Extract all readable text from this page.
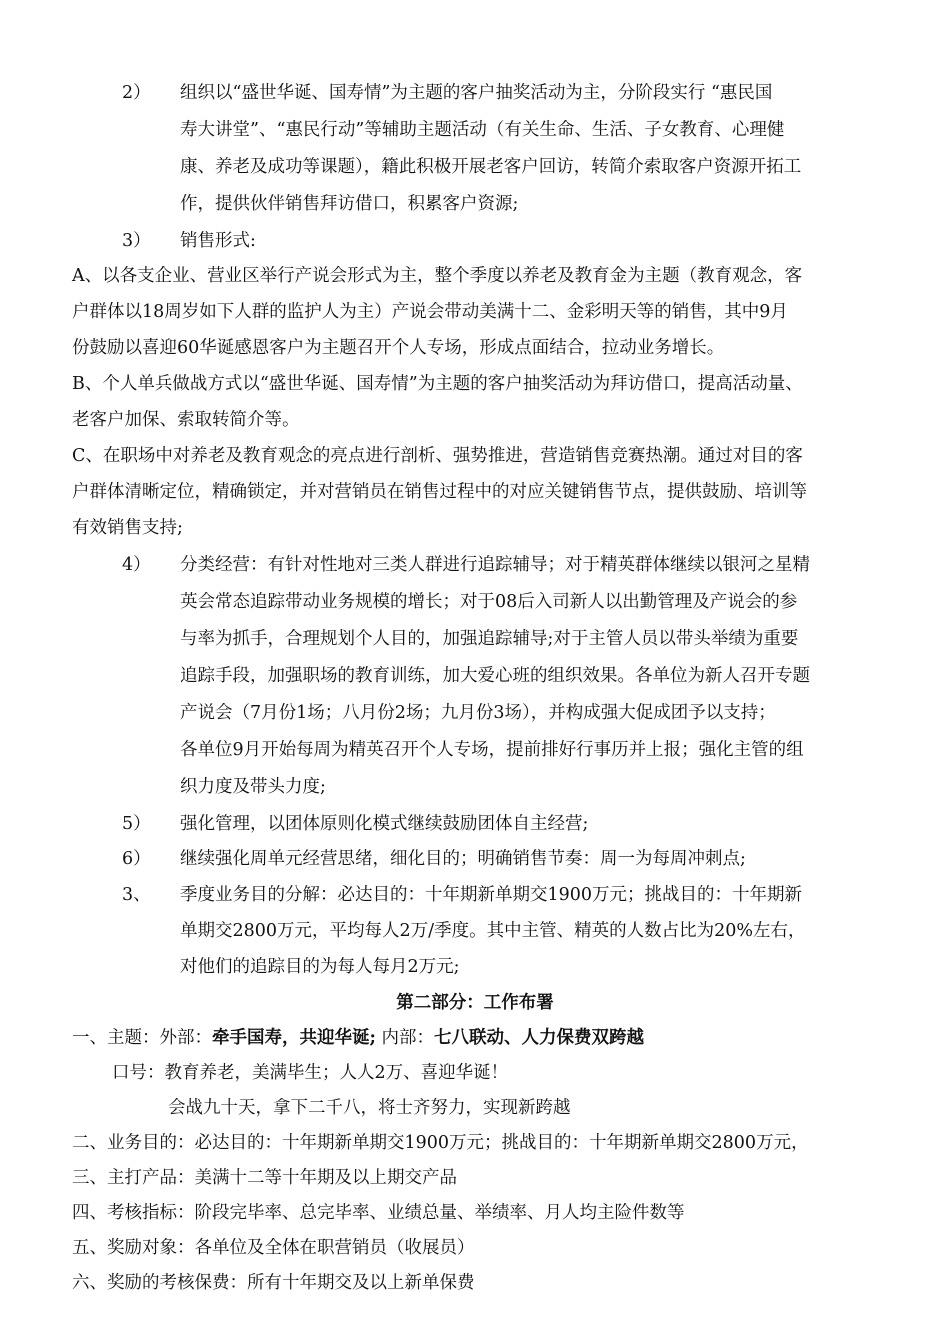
2） 组织以“盛世华诞、国寿情”为主题的客户抽奖活动为主，分阶段实行 “惠民国
寿大讲堂”、“惠民行动”等辅助主题活动（有关生命、生活、子女教育、心理健
康、养老及成功等课题），籍此积极开展老客户回访，转简介索取客户资源开拓工
作，提供伙伴销售拜访借口，积累客户资源;
3） 销售形式:
A、以各支企业、营业区举行产说会形式为主，整个季度以养老及教育金为主题（教育观念，客
户群体以18周岁如下人群的监护人为主）产说会带动美满十二、金彩明天等的销售，其中9月
份鼓励以喜迎60华诞感恩客户为主题召开个人专场，形成点面结合，拉动业务增长。
B、个人单兵做战方式以“盛世华诞、国寿情”为主题的客户抽奖活动为拜访借口，提高活动量、
老客户加保、索取转简介等。
C、在职场中对养老及教育观念的亮点进行剖析、强势推进，营造销售竞赛热潮。通过对目的客
户群体清晰定位，精确锁定，并对营销员在销售过程中的对应关键销售节点，提供鼓励、培训等
有效销售支持;
4） 分类经营：有针对性地对三类人群进行追踪辅导；对于精英群体继续以银河之星精
英会常态追踪带动业务规模的增长；对于08后入司新人以出勤管理及产说会的参
与率为抓手，合理规划个人目的，加强追踪辅导;对于主管人员以带头举绩为重要
追踪手段，加强职场的教育训练，加大爱心班的组织效果。各单位为新人召开专题
产说会（7月份1场；八月份2场；九月份3场），并构成强大促成团予以支持；
各单位9月开始每周为精英召开个人专场，提前排好行事历并上报；强化主管的组
织力度及带头力度;
5） 强化管理，以团体原则化模式继续鼓励团体自主经营;
6） 继续强化周单元经营思绪，细化目的；明确销售节奏：周一为每周冲刺点;
3、 季度业务目的分解：必达目的：十年期新单期交1900万元；挑战目的：十年期新
单期交2800万元，平均每人2万/季度。其中主管、精英的人数占比为20%左右，
对他们的追踪目的为每人每月2万元;
第二部分：工作布署
一、主题：外部：牵手国寿，共迎华诞; 内部：七八联动、人力保费双跨越
口号：教育养老，美满毕生；人人2万、喜迎华诞！
会战九十天，拿下二千八，将士齐努力，实现新跨越
二、业务目的：必达目的：十年期新单期交1900万元；挑战目的：十年期新单期交2800万元，
三、主打产品：美满十二等十年期及以上期交产品
四、考核指标：阶段完毕率、总完毕率、业绩总量、举绩率、月人均主险件数等
五、奖励对象：各单位及全体在职营销员（收展员）
六、奖励的考核保费：所有十年期交及以上新单保费
